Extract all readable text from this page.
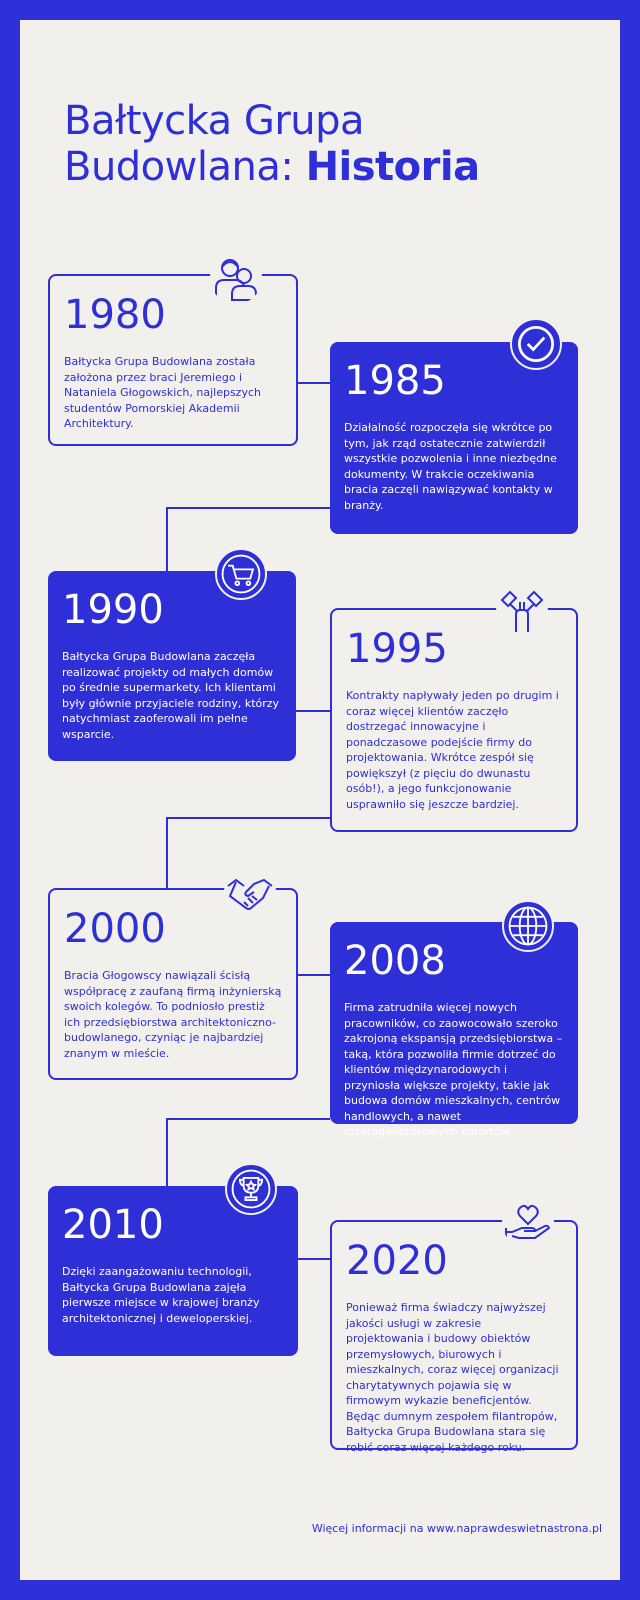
Bałtycka Grupa
Budowlana: Historia
1980

Bałtycka Grupa Budowlana została założona przez braci Jeremiego i Nataniela Głogowskich, najlepszych studentów Pomorskiej Akademii Architektury.

1985

Działalność rozpoczęła się wkrótce po tym, jak rząd ostatecznie zatwierdził wszystkie pozwolenia i inne niezbędne dokumenty. W trakcie oczekiwania bracia zaczęli nawiązywać kontakty w branży.

1990

Bałtycka Grupa Budowlana zaczęła realizować projekty od małych domów po średnie supermarkety. Ich klientami były głównie przyjaciele rodziny, którzy natychmiast zaoferowali im pełne wsparcie.

1995

Kontrakty napływały jeden po drugim i coraz więcej klientów zaczęło dostrzegać innowacyjne i ponadczasowe podejście firmy do projektowania. Wkrótce zespół się powiększył (z pięciu do dwunastu osób!), a jego funkcjonowanie usprawniło się jeszcze bardziej.

2000

Bracia Głogowscy nawiązali ścisłą współpracę z zaufaną firmą inżynierską swoich kolegów. To podniosło prestiż ich przedsiębiorstwa architektoniczno-budowlanego, czyniąc je najbardziej znanym w mieście.

2008

Firma zatrudniła więcej nowych pracowników, co zaowocowało szeroko zakrojoną ekspansją przedsiębiorstwa – taką, która pozwoliła firmie dotrzeć do klientów międzynarodowych i przyniosła większe projekty, takie jak budowa domów mieszkalnych, centrów handlowych, a nawet czterogwiazdkowych kurortów.

2010

Dzięki zaangażowaniu technologii, Bałtycka Grupa Budowlana zajęła pierwsze miejsce w krajowej branży architektonicznej i deweloperskiej.

2020

Ponieważ firma świadczy najwyższej jakości usługi w zakresie projektowania i budowy obiektów przemysłowych, biurowych i mieszkalnych, coraz więcej organizacji charytatywnych pojawia się w firmowym wykazie beneficjentów. Będąc dumnym zespołem filantropów, Bałtycka Grupa Budowlana stara się robić coraz więcej każdego roku.

Więcej informacji na www.naprawdeswietnastrona.pl
